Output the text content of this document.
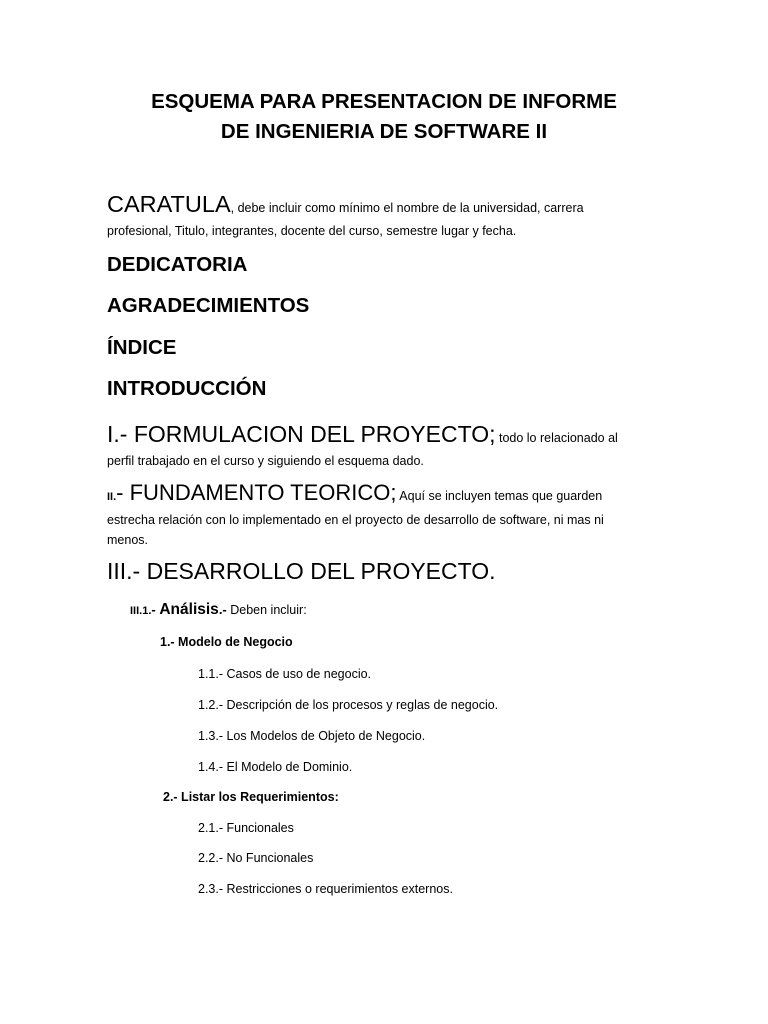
ESQUEMA PARA PRESENTACION DE INFORME
DE INGENIERIA DE SOFTWARE II
CARATULA, debe incluir como mínimo el nombre de la universidad, carrera
profesional, Titulo, integrantes, docente del curso, semestre lugar y fecha.
DEDICATORIA
AGRADECIMIENTOS
ÍNDICE
INTRODUCCIÓN
I.- FORMULACION DEL PROYECTO; todo lo relacionado al
perfil trabajado en el curso y siguiendo el esquema dado.
II.- FUNDAMENTO TEORICO; Aquí se incluyen temas que guarden
estrecha relación con lo implementado en el proyecto de desarrollo de software, ni mas ni
menos.
III.- DESARROLLO DEL PROYECTO.
III.1.- Análisis.- Deben incluir:
1.- Modelo de Negocio
1.1.- Casos de uso de negocio.
1.2.- Descripción de los procesos y reglas de negocio.
1.3.- Los Modelos de Objeto de Negocio.
1.4.- El Modelo de Dominio.
2.- Listar los Requerimientos:
2.1.- Funcionales
2.2.- No Funcionales
2.3.- Restricciones o requerimientos externos.
